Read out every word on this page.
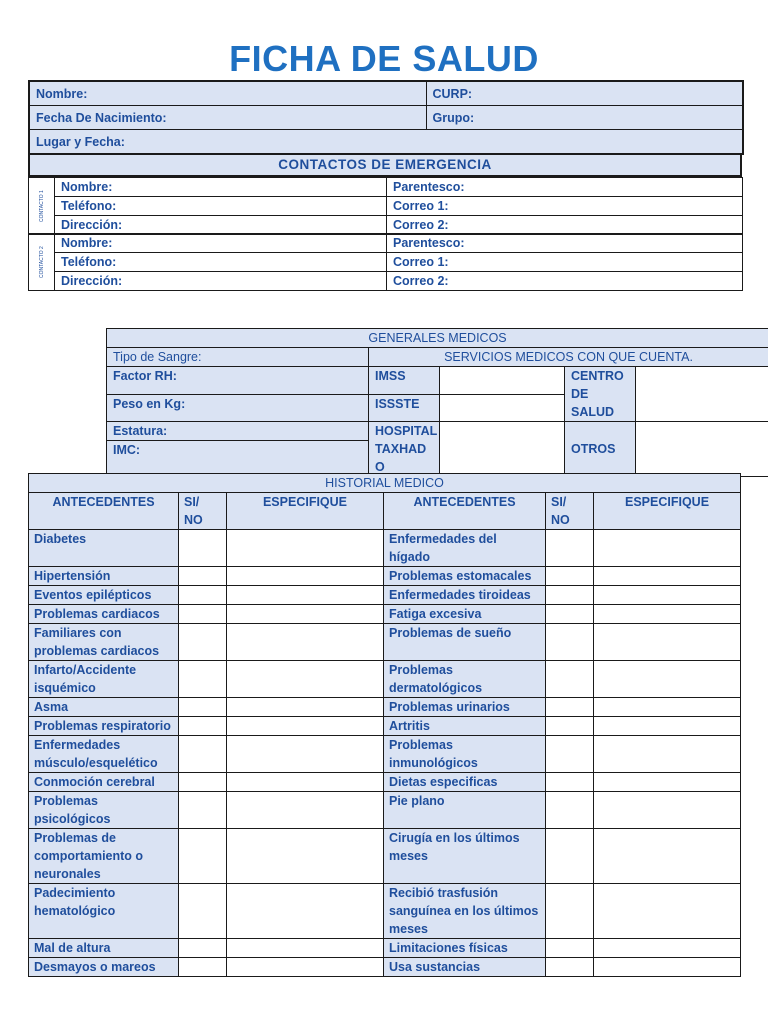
FICHA DE SALUD
Nombre:	CURP:
Fecha De Nacimiento:	Grupo:
Lugar y Fecha:	
CONTACTOS DE EMERGENCIA
CONTACTO 1	Nombre:	Parentesco:
	Teléfono:	Correo 1:
	Dirección:	Correo 2:
CONTACTO 2	Nombre:	Parentesco:
	Teléfono:	Correo 1:
	Dirección:	Correo 2:
GENERALES MEDICOS				
Tipo de Sangre:	SERVICIOS MEDICOS CON QUE CUENTA.			
Factor RH:	IMSS		CENTRO DE SALUD	
Peso en Kg:	ISSSTE			
Estatura:	HOSPITAL TAXHAD O		OTROS	
IMC:				
HISTORIAL MEDICO					
ANTECEDENTES	SI/ NO	ESPECIFIQUE	ANTECEDENTES	SI/ NO	ESPECIFIQUE
Diabetes			Enfermedades del hígado		
Hipertensión			Problemas estomacales		
Eventos epilépticos			Enfermedades tiroideas		
Problemas cardiacos			Fatiga excesiva		
Familiares con problemas cardiacos			Problemas de sueño		
Infarto/Accidente isquémico			Problemas dermatológicos		
Asma			Problemas urinarios		
Problemas respiratorio			Artritis		
Enfermedades músculo/esquelético			Problemas inmunológicos		
Conmoción cerebral			Dietas especificas		
Problemas psicológicos			Pie plano		
Problemas de comportamiento o neuronales			Cirugía en los últimos meses		
Padecimiento hematológico			Recibió trasfusión sanguínea en los últimos meses		
Mal de altura			Limitaciones físicas		
Desmayos o mareos			Usa sustancias		
